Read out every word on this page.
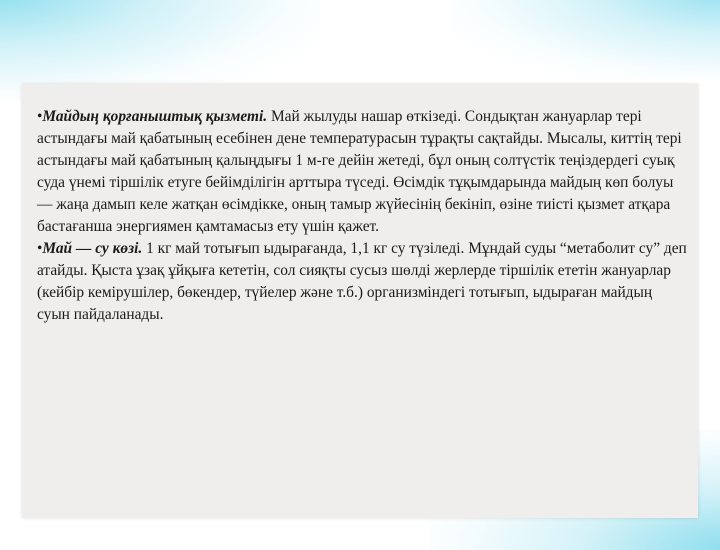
•Майдың қорғаныштық қызметі. Май жылуды нашар өткізеді. Сондықтан жануарлар тері астындағы май қабатының есебінен дене температурасын тұрақты сақтайды. Мысалы, киттің тері астындағы май қабатының қалыңдығы 1 м-ге дейін жетеді, бұл оның солтүстік теңіздердегі суық суда үнемі тіршілік етуге бейімділігін арттыра түседі. Өсімдік тұқымдарында майдың көп болуы — жаңа дамып келе жатқан өсімдікке, оның тамыр жүйесінің бекініп, өзіне тиісті қызмет атқара бастағанша энергиямен қамтамасыз ету үшін қажет.

•Май — су көзі. 1 кг май тотығып ыдырағанда, 1,1 кг су түзіледі. Мұндай суды “метаболит су” деп атайды. Қыста ұзақ ұйқыға кететін, сол сияқты сусыз шөлді жерлерде тіршілік ететін жануарлар (кейбір кемірушілер, бөкендер, түйелер және т.б.) организміндегі тотығып, ыдыраған майдың суын пайдаланады.
